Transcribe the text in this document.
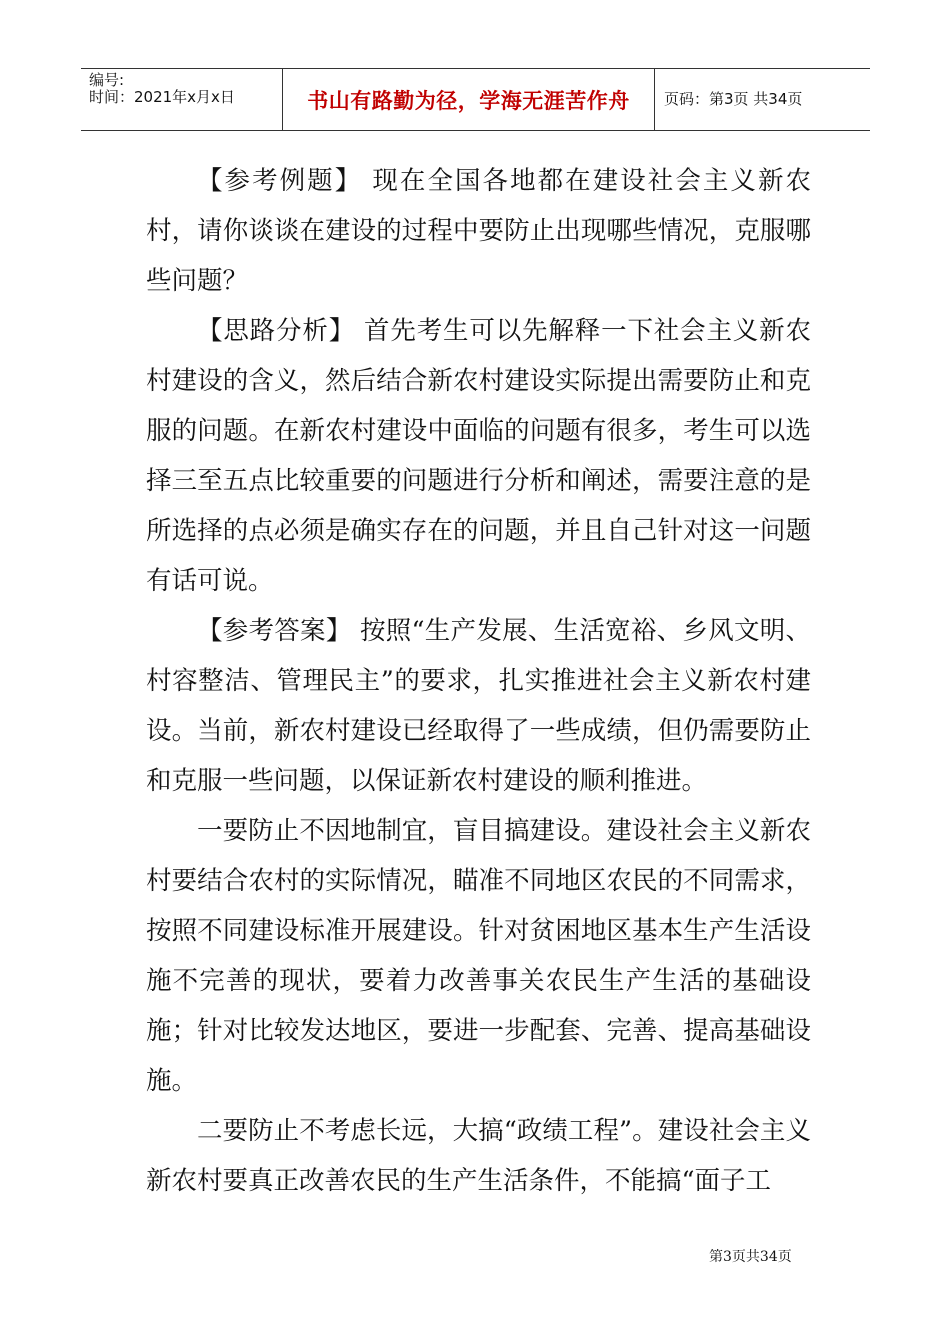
编号:
时间：2021年x月x日	书山有路勤为径，学海无涯苦作舟 页码：第3页 共34页

【参考例题】 现在全国各地都在建设社会主义新农村，请你谈谈在建设的过程中要防止出现哪些情况，克服哪些问题？

【思路分析】 首先考生可以先解释一下社会主义新农村建设的含义，然后结合新农村建设实际提出需要防止和克服的问题。在新农村建设中面临的问题有很多，考生可以选择三至五点比较重要的问题进行分析和阐述，需要注意的是所选择的点必须是确实存在的问题，并且自己针对这一问题有话可说。

【参考答案】 按照“生产发展、生活宽裕、乡风文明、村容整洁、管理民主”的要求，扎实推进社会主义新农村建设。当前，新农村建设已经取得了一些成绩，但仍需要防止和克服一些问题，以保证新农村建设的顺利推进。

一要防止不因地制宜，盲目搞建设。建设社会主义新农村要结合农村的实际情况，瞄准不同地区农民的不同需求，按照不同建设标准开展建设。针对贫困地区基本生产生活设施不完善的现状，要着力改善事关农民生产生活的基础设施；针对比较发达地区，要进一步配套、完善、提高基础设施。

二要防止不考虑长远，大搞“政绩工程”。建设社会主义新农村要真正改善农民的生产生活条件，不能搞“面子工

第3页共34页
